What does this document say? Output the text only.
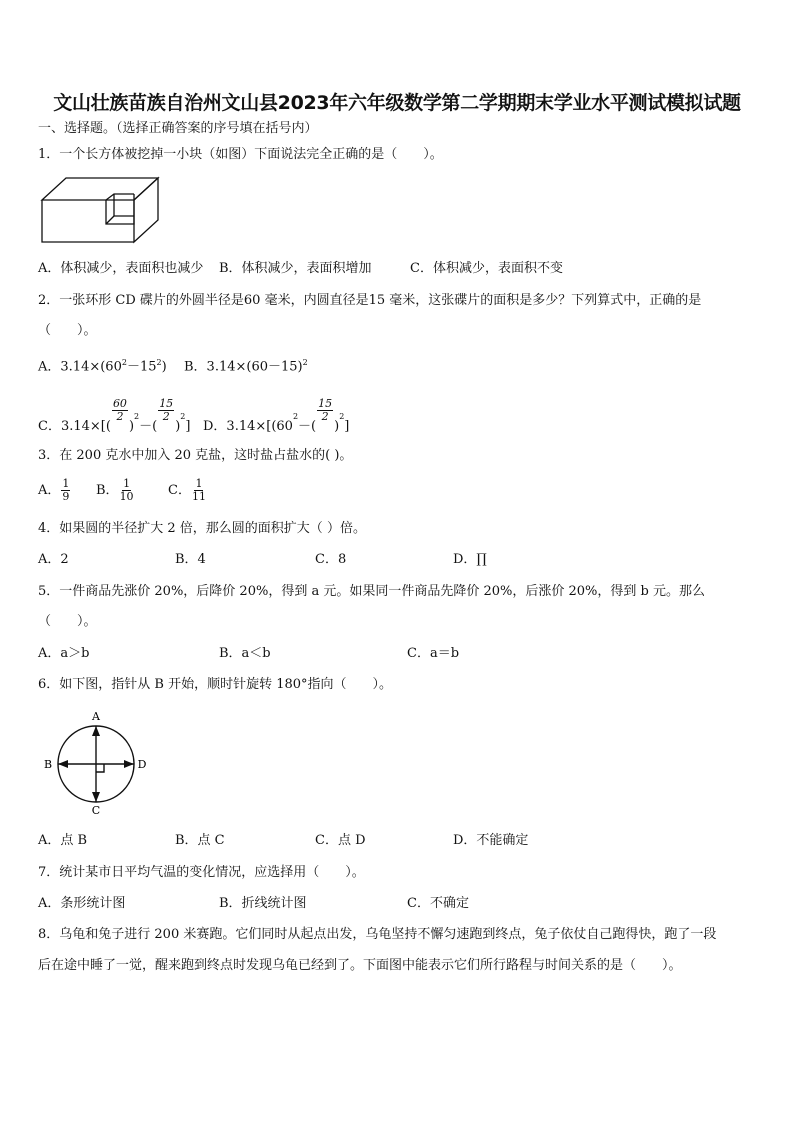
文山壮族苗族自治州文山县2023年六年级数学第二学期期末学业水平测试模拟试题
一、选择题。（选择正确答案的序号填在括号内）
1．一个长方体被挖掉一小块（如图）下面说法完全正确的是（　　）。
A．体积减少，表面积也减少 B．体积减少，表面积增加	C．体积减少，表面积不变
2．一张环形 CD 碟片的外圆半径是60 毫米，内圆直径是15 毫米，这张碟片的面积是多少？下列算式中，正确的是
（　　）。
A．$3.14\times(60^2-15^2)$ B．$3.14\times(60-15)^2$
C．3.14×[(
$\frac{60}{2}$
)$^2$－(
$\frac{15}{2}$
)$^2$] D．$3.14\times[(60^2-$(
$\frac{15}{2}$
)$^2$]
3．在 200 克水中加入 20 克盐，这时盐占盐水的( )。
A． $\frac{1}{9}$ B． $\frac{1}{10}$	C． $\frac{1}{11}$
4．如果圆的半径扩大 2 倍，那么圆的面积扩大（ ）倍。
A．2	B．4	C．8	D．∏
5．一件商品先涨价 20%，后降价 20%，得到 a 元。如果同一件商品先降价 20%，后涨价 20%，得到 b 元。那么
（　　）。
A．a＞b	B．a＜b	C．a＝b
6．如下图，指针从 B 开始，顺时针旋转 180°指向（　　）。
A
C
B	D
A．点 B	B．点 C	C．点 D	D．不能确定
7．统计某市日平均气温的变化情况，应选择用（　　）。
A．条形统计图	B．折线统计图	C．不确定
8．乌龟和兔子进行 200 米赛跑。它们同时从起点出发，乌龟坚持不懈匀速跑到终点，兔子依仗自己跑得快，跑了一段
后在途中睡了一觉，醒来跑到终点时发现乌龟已经到了。下面图中能表示它们所行路程与时间关系的是（　　）。
